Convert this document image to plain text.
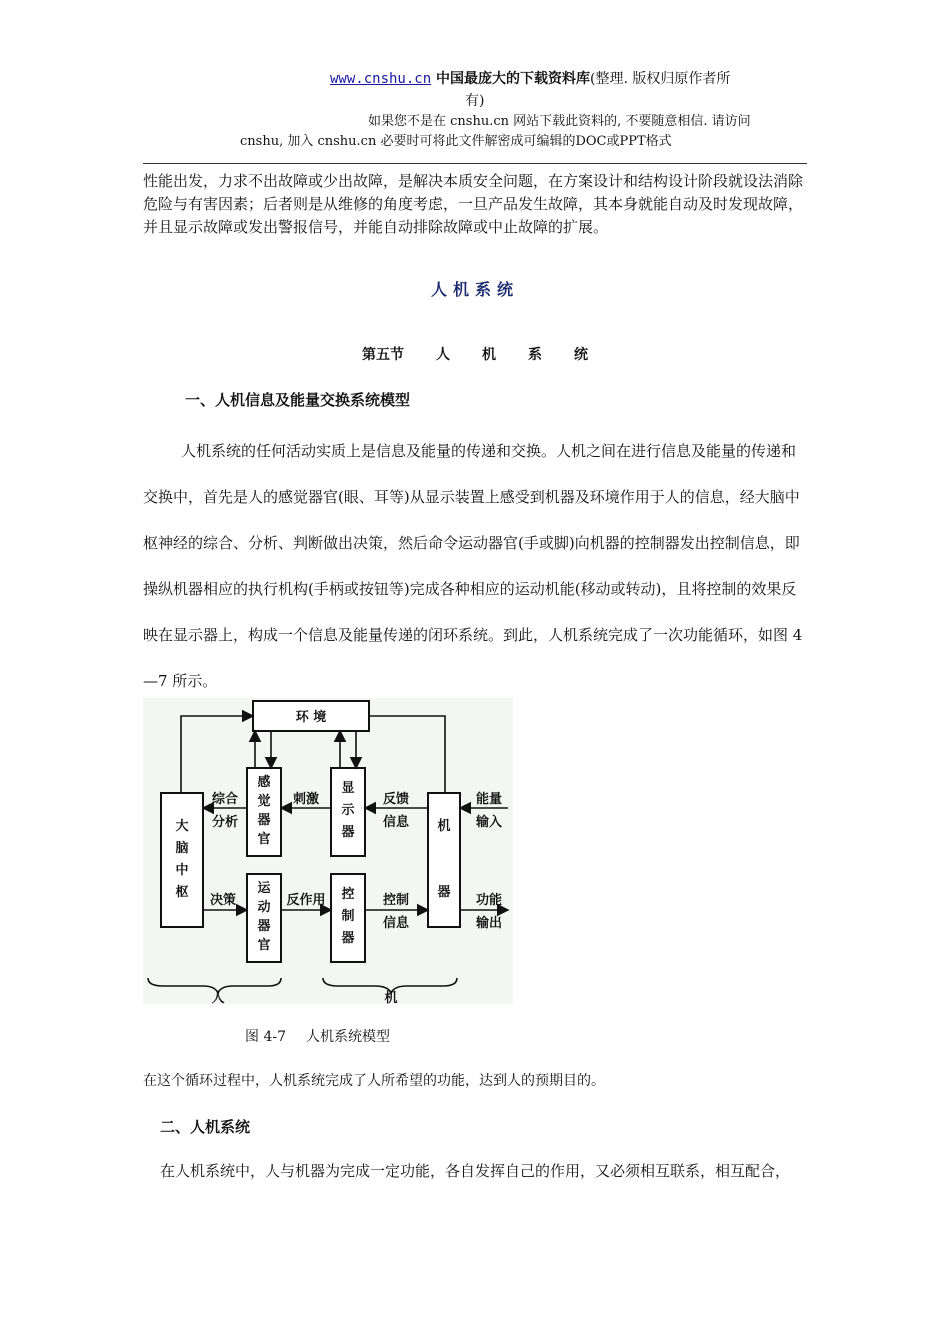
www.cnshu.cn 中国最庞大的下载资料库(整理. 版权归原作者所
有)
如果您不是在 cnshu.cn 网站下载此资料的, 不要随意相信. 请访问
cnshu, 加入 cnshu.cn 必要时可将此文件解密成可编辑的DOC或PPT格式
性能出发，力求不出故障或少出故障，是解决本质安全问题，在方案设计和结构设计阶段就设法消除危险与有害因素；后者则是从维修的角度考虑，一旦产品发生故障，其本身就能自动及时发现故障，并且显示故障或发出警报信号，并能自动排除故障或中止故障的扩展。
人机系统
第五节 人 机 系 统
一、人机信息及能量交换系统模型
人机系统的任何活动实质上是信息及能量的传递和交换。人机之间在进行信息及能量的传递和交换中，首先是人的感觉器官(眼、耳等)从显示装置上感受到机器及环境作用于人的信息，经大脑中枢神经的综合、分析、判断做出决策，然后命令运动器官(手或脚)向机器的控制器发出控制信息，即操纵机器相应的执行机构(手柄或按钮等)完成各种相应的运动机能(移动或转动)，且将控制的效果反映在显示器上，构成一个信息及能量传递的闭环系统。到此，人机系统完成了一次功能循环，如图 4—7 所示。
环 境
大
脑
中
枢
感
觉
器
官
运
动
器
官
显
示
器
控
制
器
机
器
综合
分析
刺激	反馈
信息
能量
输入
决策	反作用	控制
信息
功能
输出
人	机
图 4-7 人机系统模型
在这个循环过程中，人机系统完成了人所希望的功能，达到人的预期目的。
二、人机系统
在人机系统中，人与机器为完成一定功能，各自发挥自己的作用，又必须相互联系，相互配合，
